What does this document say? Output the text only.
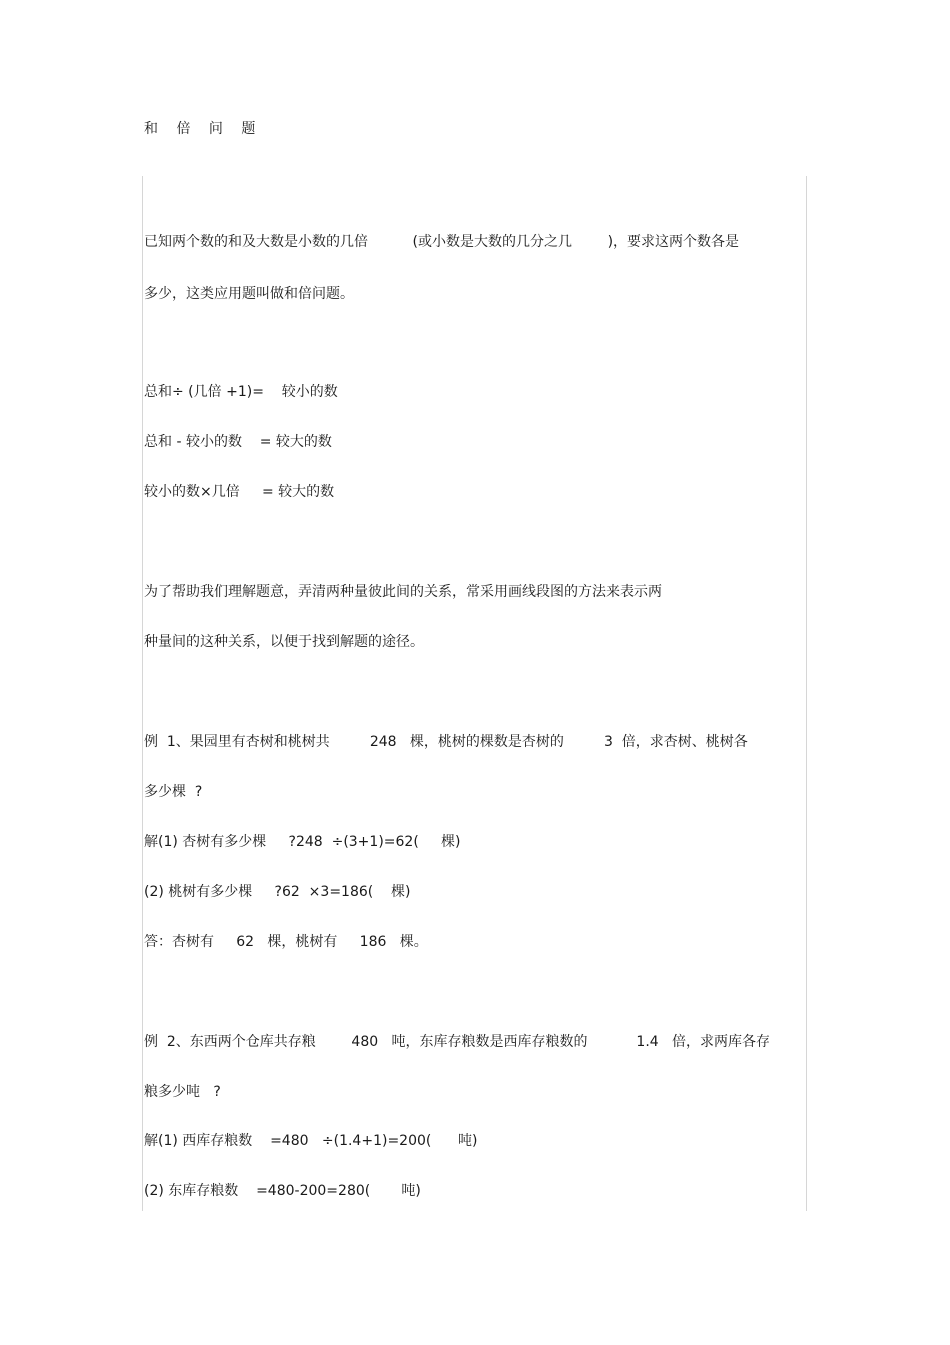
和 倍 问 题
已知两个数的和及大数是小数的几倍          (或小数是大数的几分之几        )，要求这两个数各是
多少，这类应用题叫做和倍问题。
总和÷ (几倍 +1)=    较小的数
总和 - 较小的数    = 较大的数
较小的数×几倍     = 较大的数
为了帮助我们理解题意，弄清两种量彼此间的关系，常采用画线段图的方法来表示两
种量间的这种关系，以便于找到解题的途径。
例  1、果园里有杏树和桃树共         248   棵，桃树的棵数是杏树的         3  倍，求杏树、桃树各
多少棵  ?
解(1) 杏树有多少棵     ?248  ÷(3+1)=62(     棵)
(2) 桃树有多少棵     ?62  ×3=186(    棵)
答：杏树有     62   棵，桃树有     186   棵。
例  2、东西两个仓库共存粮        480   吨，东库存粮数是西库存粮数的           1.4   倍，求两库各存
粮多少吨   ?
解(1) 西库存粮数    =480   ÷(1.4+1)=200(      吨)
(2) 东库存粮数    =480-200=280(       吨)
